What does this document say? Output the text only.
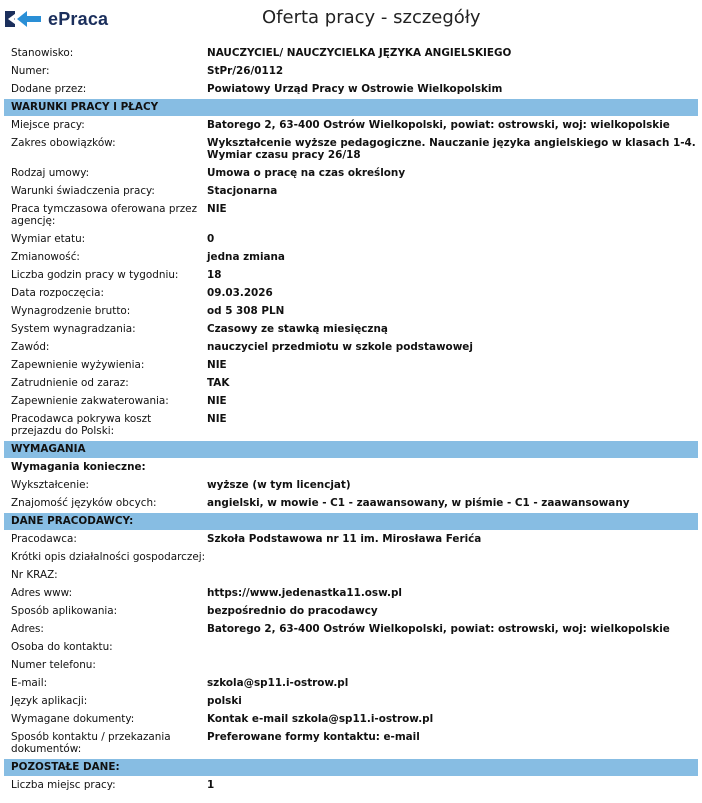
ePraca	Oferta pracy - szczegóły
Stanowisko:	NAUCZYCIEL/ NAUCZYCIELKA JĘZYKA ANGIELSKIEGO
Numer:	StPr/26/0112
Dodane przez:	Powiatowy Urząd Pracy w Ostrowie Wielkopolskim
WARUNKI PRACY I PŁACY
Miejsce pracy:	Batorego 2, 63-400 Ostrów Wielkopolski, powiat: ostrowski, woj: wielkopolskie
Zakres obowiązków:	Wykształcenie wyższe pedagogiczne. Nauczanie języka angielskiego w klasach 1-4. Wymiar czasu pracy 26/18
Rodzaj umowy:	Umowa o pracę na czas określony
Warunki świadczenia pracy:	Stacjonarna
Praca tymczasowa oferowana przez agencję:
NIE
Wymiar etatu:	0
Zmianowość:	jedna zmiana
Liczba godzin pracy w tygodniu:	18
Data rozpoczęcia:	09.03.2026
Wynagrodzenie brutto:	od 5 308 PLN
System wynagradzania:	Czasowy ze stawką miesięczną
Zawód:	nauczyciel przedmiotu w szkole podstawowej
Zapewnienie wyżywienia:	NIE
Zatrudnienie od zaraz:	TAK
Zapewnienie zakwaterowania:	NIE
Pracodawca pokrywa koszt przejazdu do Polski:
NIE
WYMAGANIA
Wymagania konieczne:
Wykształcenie:	wyższe (w tym licencjat)
Znajomość języków obcych:	angielski, w mowie - C1 - zaawansowany, w piśmie - C1 - zaawansowany
DANE PRACODAWCY:
Pracodawca:	Szkoła Podstawowa nr 11 im. Mirosława Ferića
Krótki opis działalności gospodarczej:
Nr KRAZ:
Adres www:	https://www.jedenastka11.osw.pl
Sposób aplikowania:	bezpośrednio do pracodawcy
Adres:	Batorego 2, 63-400 Ostrów Wielkopolski, powiat: ostrowski, woj: wielkopolskie
Osoba do kontaktu:
Numer telefonu:
E-mail:	szkola@sp11.i-ostrow.pl
Język aplikacji:	polski
Wymagane dokumenty:	Kontak e-mail szkola@sp11.i-ostrow.pl
Sposób kontaktu / przekazania dokumentów:
Preferowane formy kontaktu: e-mail
POZOSTAŁE DANE:
Liczba miejsc pracy:	1
